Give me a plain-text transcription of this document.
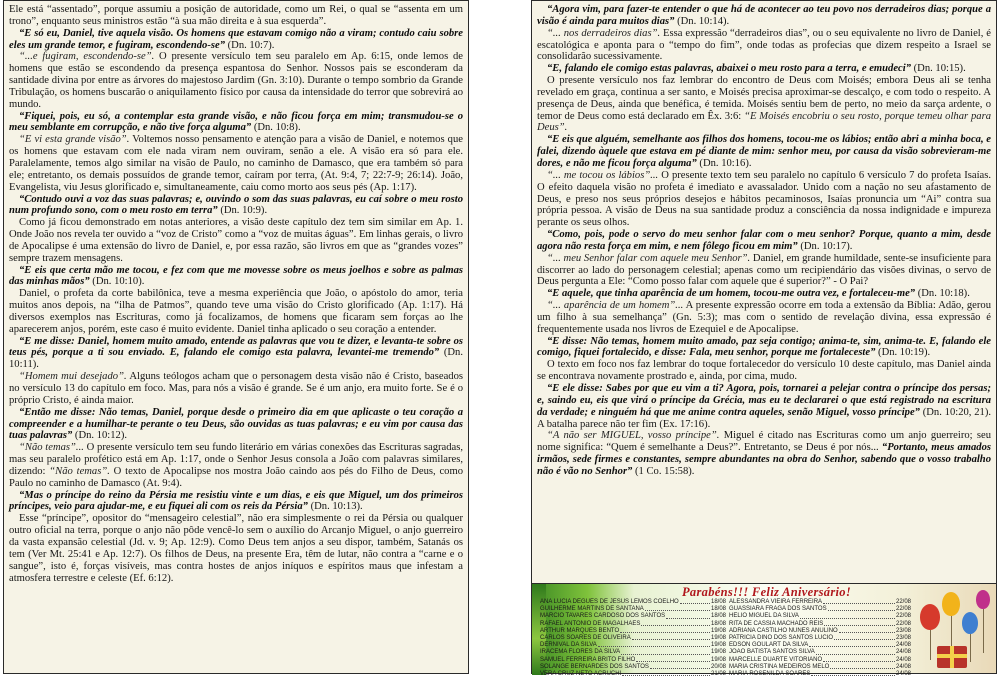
Ele está “assentado”, porque assumiu a posição de autoridade, como um Rei, o qual se “assenta em um trono”, enquanto seus ministros estão “à sua mão direita e à sua esquerda”.

“E só eu, Daniel, tive aquela visão. Os homens que estavam comigo não a viram; contudo caiu sobre eles um grande temor, e fugiram, escondendo-se” (Dn. 10:7).

“...e fugiram, escondendo-se”. O presente versículo tem seu paralelo em Ap. 6:15, onde lemos de homens que estão se escondendo da presença espantosa do Senhor. Nossos pais se esconderam da santidade divina por entre as árvores do majestoso Jardim (Gn. 3:10). Durante o tempo sombrio da Grande Tribulação, os homens buscarão o aniquilamento físico por causa da intensidade do terror que sobrevirá ao mundo.

“Fiquei, pois, eu só, a contemplar esta grande visão, e não ficou força em mim; transmudou-se o meu semblante em corrupção, e não tive força alguma” (Dn. 10:8).

“E vi esta grande visão”. Voltemos nosso pensamento e atenção para a visão de Daniel, e notemos que os homens que estavam com ele nada viram nem ouviram, senão a ele. A visão era só para ele. Paralelamente, temos algo similar na visão de Paulo, no caminho de Damasco, que era também só para ele; entretanto, os demais possuídos de grande temor, caíram por terra, (At. 9:4, 7; 22:7-9; 26:14). João, Evangelista, viu Jesus glorificado e, simultaneamente, caiu como morto aos seus pés (Ap. 1:17).

“Contudo ouvi a voz das suas palavras; e, ouvindo o som das suas palavras, eu caí sobre o meu rosto num profundo sono, com o meu rosto em terra” (Dn. 10:9).

Como já ficou demonstrado em notas anteriores, a visão deste capítulo dez tem sim similar em Ap. 1. Onde João nos revela ter ouvido a “voz de Cristo” como a “voz de muitas águas”. Em linhas gerais, o livro de Apocalipse é uma extensão do livro de Daniel, e, por essa razão, são livros em que as “grandes vozes” sempre trazem mensagens.

“E eis que certa mão me tocou, e fez com que me movesse sobre os meus joelhos e sobre as palmas das minhas mãos” (Dn. 10:10).

Daniel, o profeta da corte babilônica, teve a mesma experiência que João, o apóstolo do amor, teria muitos anos depois, na “ilha de Patmos”, quando teve uma visão do Cristo glorificado (Ap. 1:17). Há diversos exemplos nas Escrituras, como já focalizamos, de homens que ficaram sem forças ao lhe aparecerem anjos, porém, este caso é muito evidente. Daniel tinha aplicado o seu coração a entender.

“E me disse: Daniel, homem muito amado, entende as palavras que vou te dizer, e levanta-te sobre os teus pés, porque a ti sou enviado. E, falando ele comigo esta palavra, levantei-me tremendo” (Dn. 10:11).

“Homem mui desejado”. Alguns teólogos acham que o personagem desta visão não é Cristo, baseados no versículo 13 do capítulo em foco. Mas, para nós a visão é grande. Se é um anjo, era muito forte. Se é o próprio Cristo, é ainda maior.

“Então me disse: Não temas, Daniel, porque desde o primeiro dia em que aplicaste o teu coração a compreender e a humilhar-te perante o teu Deus, são ouvidas as tuas palavras; e eu vim por causa das tuas palavras” (Dn. 10:12).

“Não temas”... O presente versículo tem seu fundo literário em várias conexões das Escrituras sagradas, mas seu paralelo profético está em Ap. 1:17, onde o Senhor Jesus consola a João com palavras similares, dizendo: “Não temas”. O texto de Apocalipse nos mostra João caindo aos pés do Filho de Deus, como Paulo no caminho de Damasco (At. 9:4).

“Mas o príncipe do reino da Pérsia me resistiu vinte e um dias, e eis que Miguel, um dos primeiros príncipes, veio para ajudar-me, e eu fiquei ali com os reis da Pérsia” (Dn. 10:13).

Esse “príncipe”, opositor do “mensageiro celestial”, não era simplesmente o rei da Pérsia ou qualquer outro oficial na terra, porque o anjo não pôde vencê-lo sem o auxílio do Arcanjo Miguel, o anjo guerreiro da vasta expansão celestial (Jd. v. 9; Ap. 12:9). Como Deus tem anjos a seu dispor, também, Satanás os tem (Ver Mt. 25:41 e Ap. 12:7). Os filhos de Deus, na presente Era, têm de lutar, não contra a “carne e o sangue”, isto é, forças visíveis, mas contra hostes de anjos iníquos e espíritos maus que infestam a atmosfera terrestre e celeste (Ef. 6:12).

“Agora vim, para fazer-te entender o que há de acontecer ao teu povo nos derradeiros dias; porque a visão é ainda para muitos dias” (Dn. 10:14).

“... nos derradeiros dias”. Essa expressão “derradeiros dias”, ou o seu equivalente no livro de Daniel, é escatológica e aponta para o “tempo do fim”, onde todas as profecias que dizem respeito a Israel se consolidarão sucessivamente.

“E, falando ele comigo estas palavras, abaixei o meu rosto para a terra, e emudeci” (Dn. 10:15).

O presente versículo nos faz lembrar do encontro de Deus com Moisés; embora Deus ali se tenha revelado em graça, continua a ser santo, e Moisés precisa aproximar-se descalço, e com todo o respeito. A presença de Deus, ainda que benéfica, é temida. Moisés sentiu bem de perto, no meio da sarça ardente, o temor de Deus como está declarado em Êx. 3:6: “E Moisés encobriu o seu rosto, porque temeu olhar para Deus”.

“E eis que alguém, semelhante aos filhos dos homens, tocou-me os lábios; então abri a minha boca, e falei, dizendo àquele que estava em pé diante de mim: senhor meu, por causa da visão sobrevieram-me dores, e não me ficou força alguma” (Dn. 10:16).

“... me tocou os lábios”... O presente texto tem seu paralelo no capítulo 6 versículo 7 do profeta Isaías. O efeito daquela visão no profeta é imediato e avassalador. Unido com a nação no seu afastamento de Deus, e preso nos seus próprios desejos e hábitos pecaminosos, Isaías pronuncia um “Ai” contra sua própria pessoa. A visão de Deus na sua santidade produz a consciência da nossa indignidade e impureza perante os seus olhos.

“Como, pois, pode o servo do meu senhor falar com o meu senhor? Porque, quanto a mim, desde agora não resta força em mim, e nem fôlego ficou em mim” (Dn. 10:17).

“... meu Senhor falar com aquele meu Senhor”. Daniel, em grande humildade, sente-se insuficiente para discorrer ao lado do personagem celestial; apenas como um recipiendário das visões divinas, o servo de Deus pergunta a Ele: “Como posso falar com aquele que é superior?” - O Pai?

“E aquele, que tinha aparência de um homem, tocou-me outra vez, e fortaleceu-me” (Dn. 10:18).

“... aparência de um homem”... A presente expressão ocorre em toda a extensão da Bíblia: Adão, gerou um filho à sua semelhança” (Gn. 5:3); mas com o sentido de revelação divina, essa expressão é frequentemente usada nos livros de Ezequiel e de Apocalipse.

“E disse: Não temas, homem muito amado, paz seja contigo; anima-te, sim, anima-te. E, falando ele comigo, fiquei fortalecido, e disse: Fala, meu senhor, porque me fortaleceste” (Dn. 10:19).

O texto em foco nos faz lembrar do toque fortalecedor do versículo 10 deste capítulo, mas Daniel ainda se encontrava novamente prostrado e, ainda, por cima, mudo.

“E ele disse: Sabes por que eu vim a ti? Agora, pois, tornarei a pelejar contra o príncipe dos persas; e, saindo eu, eis que virá o príncipe da Grécia, mas eu te declararei o que está registrado na escritura da verdade; e ninguém há que me anime contra aqueles, senão Miguel, vosso príncipe” (Dn. 10:20, 21). A batalha parece não ter fim (Ex. 17:16).

“A não ser MIGUEL, vosso príncipe”. Miguel é citado nas Escrituras como um anjo guerreiro; seu nome significa: “Quem é semelhante a Deus?”. Entretanto, se Deus é por nós... “Portanto, meus amados irmãos, sede firmes e constantes, sempre abundantes na obra do Senhor, sabendo que o vosso trabalho não é vão no Senhor” (1 Co. 15:58).

Parabéns!!! Feliz Aniversário!
ANA LUCIA DEGUES DE JESUS LEMOS COELHO	18/08
GUILHERME MARTINS DE SANTANA	18/08
MARCIO TAVARES CARDOSO DOS SANTOS	18/08
RAFAEL ANTONIO DE MAGALHAES	18/08
ARTHUR MARQUES BENTO	19/08
CARLOS SOARES DE OLIVEIRA	19/08
DERNIVAL DA SILVA	19/08
IRACEMA FLORES DA SILVA	19/08
SAMUEL FERREIRA BRITO FILHO	19/08
SOLANGE BERNARDES DOS SANTOS	20/08
VERA CRUZ NETO ACRUCHI	21/08
ALESSANDRA VIEIRA FERREIRA	22/08
GUASSIARA FRAGA DOS SANTOS	22/08
HELIO MIGUEL DA SILVA	22/08
RITA DE CASSIA MACHADO REIS	22/08
ADRIANA CASTILHO NUNES ANULINO	23/08
PATRICIA DINO DOS SANTOS LUCIO	23/08
EDSON GOULART DA SILVA	24/08
JOAO BATISTA SANTOS SILVA	24/08
MARCELLE DUARTE VITORIANO	24/08
MARIA CRISTINA MEDEIROS MELO	24/08
MARIA ROSENILDA SOARES	24/08
